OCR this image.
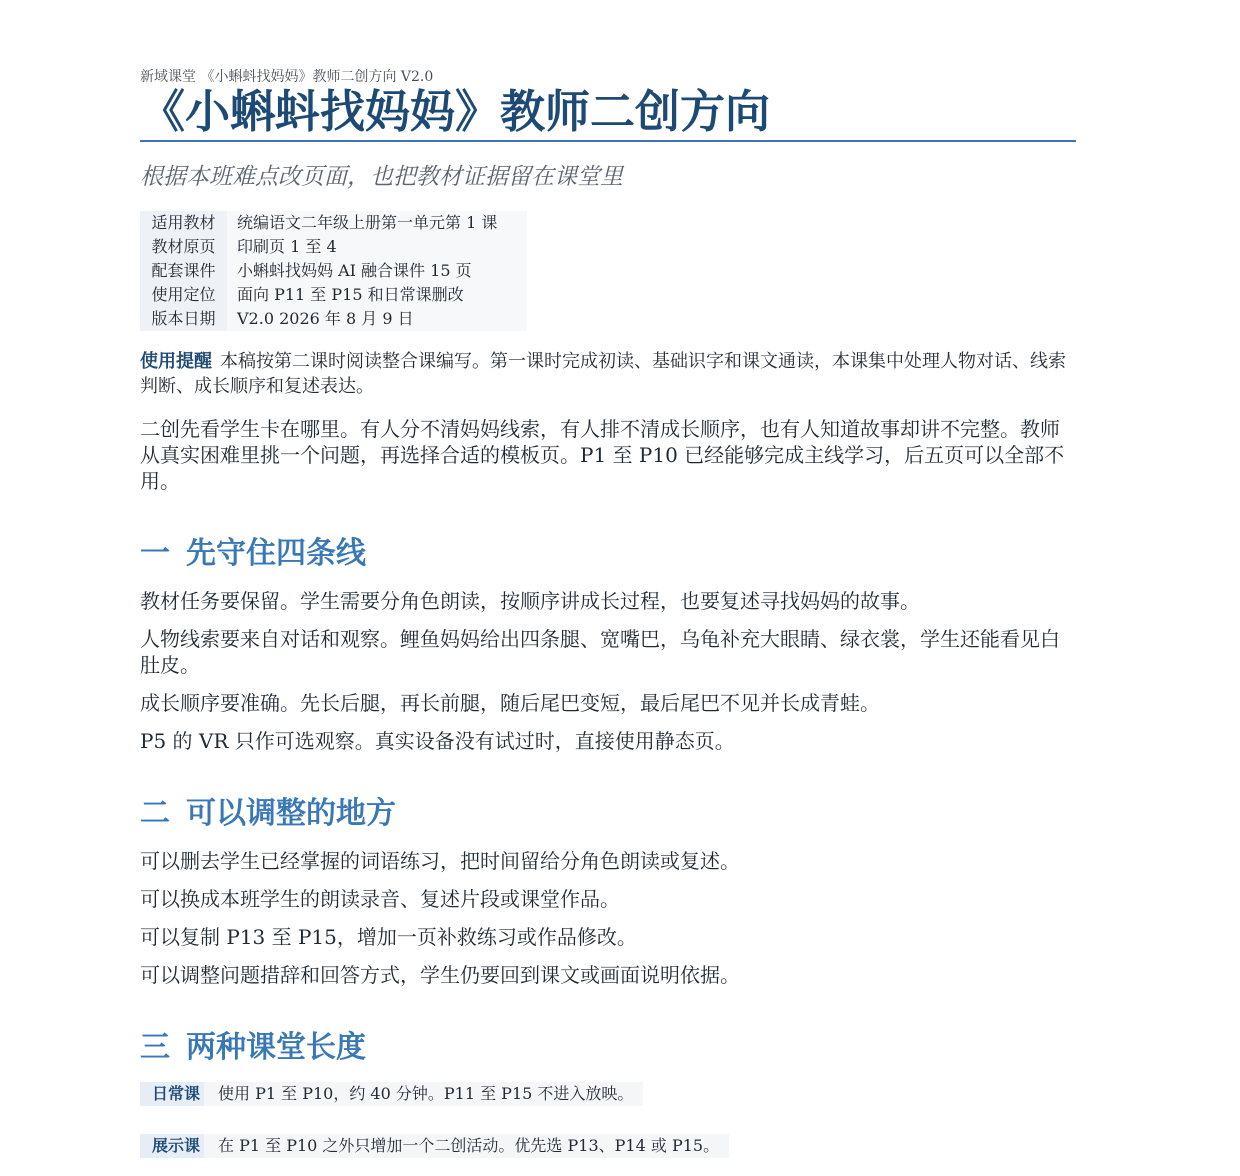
新域课堂 《小蝌蚪找妈妈》教师二创方向 V2.0
《小蝌蚪找妈妈》教师二创方向
根据本班难点改页面，也把教材证据留在课堂里
适用教材	统编语文二年级上册第一单元第 1 课
教材原页	印刷页 1 至 4
配套课件	小蝌蚪找妈妈 AI 融合课件 15 页
使用定位	面向 P11 至 P15 和日常课删改
版本日期	V2.0 2026 年 8 月 9 日
使用提醒 本稿按第二课时阅读整合课编写。第一课时完成初读、基础识字和课文通读，本课集中处理人物对话、线索判断、成长顺序和复述表达。

二创先看学生卡在哪里。有人分不清妈妈线索，有人排不清成长顺序，也有人知道故事却讲不完整。教师从真实困难里挑一个问题，再选择合适的模板页。P1 至 P10 已经能够完成主线学习，后五页可以全部不用。

一 先守住四条线

教材任务要保留。学生需要分角色朗读，按顺序讲成长过程，也要复述寻找妈妈的故事。

人物线索要来自对话和观察。鲤鱼妈妈给出四条腿、宽嘴巴，乌龟补充大眼睛、绿衣裳，学生还能看见白肚皮。

成长顺序要准确。先长后腿，再长前腿，随后尾巴变短，最后尾巴不见并长成青蛙。

P5 的 VR 只作可选观察。真实设备没有试过时，直接使用静态页。

二 可以调整的地方

可以删去学生已经掌握的词语练习，把时间留给分角色朗读或复述。

可以换成本班学生的朗读录音、复述片段或课堂作品。

可以复制 P13 至 P15，增加一页补救练习或作品修改。

可以调整问题措辞和回答方式，学生仍要回到课文或画面说明依据。

三 两种课堂长度
日常课	使用 P1 至 P10，约 40 分钟。P11 至 P15 不进入放映。
展示课	在 P1 至 P10 之外只增加一个二创活动。优先选 P13、P14 或 P15。
